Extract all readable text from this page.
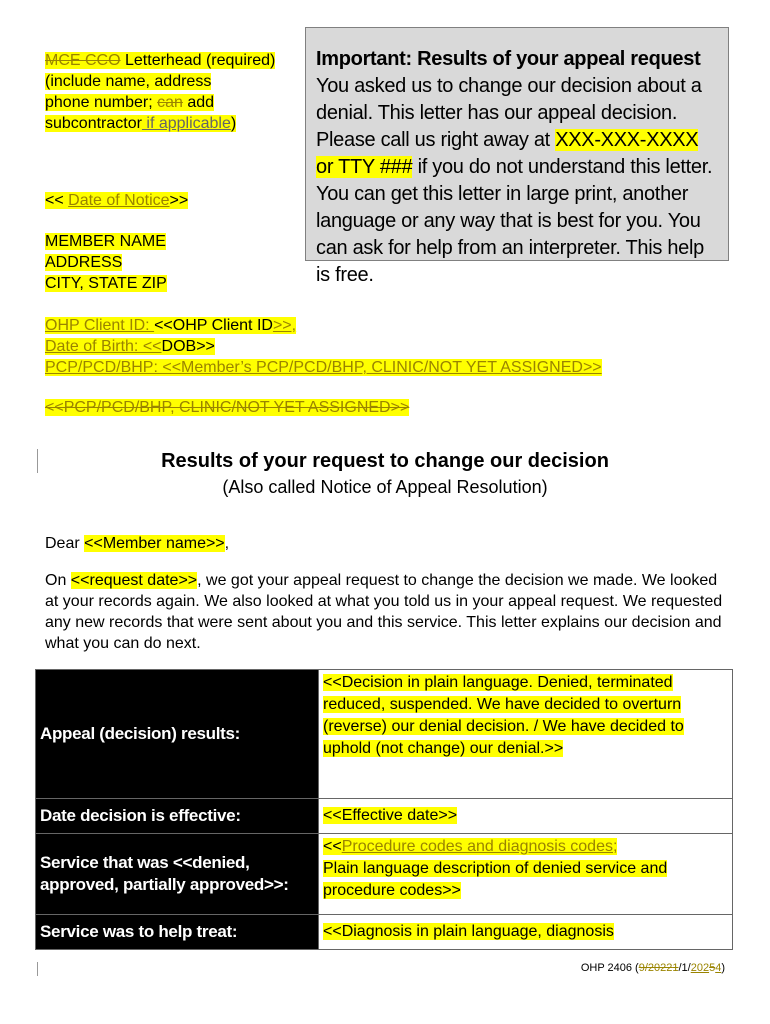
MCE CCO Letterhead (required)
(include name, address
phone number; can add
subcontractor if applicable)
Important: Results of your appeal request
You asked us to change our decision about a denial. This letter has our appeal decision. Please call us right away at XXX-XXX-XXXX or TTY ### if you do not understand this letter. You can get this letter in large print, another language or any way that is best for you. You can ask for help from an interpreter. This help is free.
<< Date of Notice>>
MEMBER NAME
ADDRESS
CITY, STATE ZIP
OHP Client ID: <<OHP Client ID>>,
Date of Birth: <<DOB>>
PCP/PCD/BHP: <<Member’s PCP/PCD/BHP, CLINIC/NOT YET ASSIGNED>>
<<PCP/PCD/BHP, CLINIC/NOT YET ASSIGNED>>
Results of your request to change our decision
(Also called Notice of Appeal Resolution)
Dear <<Member name>>,
On <<request date>>, we got your appeal request to change the decision we made. We looked at your records again. We also looked at what you told us in your appeal request. We requested any new records that were sent about you and this service. This letter explains our decision and what you can do next.
Appeal (decision) results:	<<Decision in plain language. Denied, terminated reduced, suspended. We have decided to overturn (reverse) our denial decision. / We have decided to uphold (not change) our denial.>>
Date decision is effective:	<<Effective date>>
Service that was <<denied, approved, partially approved>>:	<<Procedure codes and diagnosis codes;
Plain language description of denied service and procedure codes>>
Service was to help treat:	<<Diagnosis in plain language, diagnosis
OHP 2406 (9/20221/1/20254)
